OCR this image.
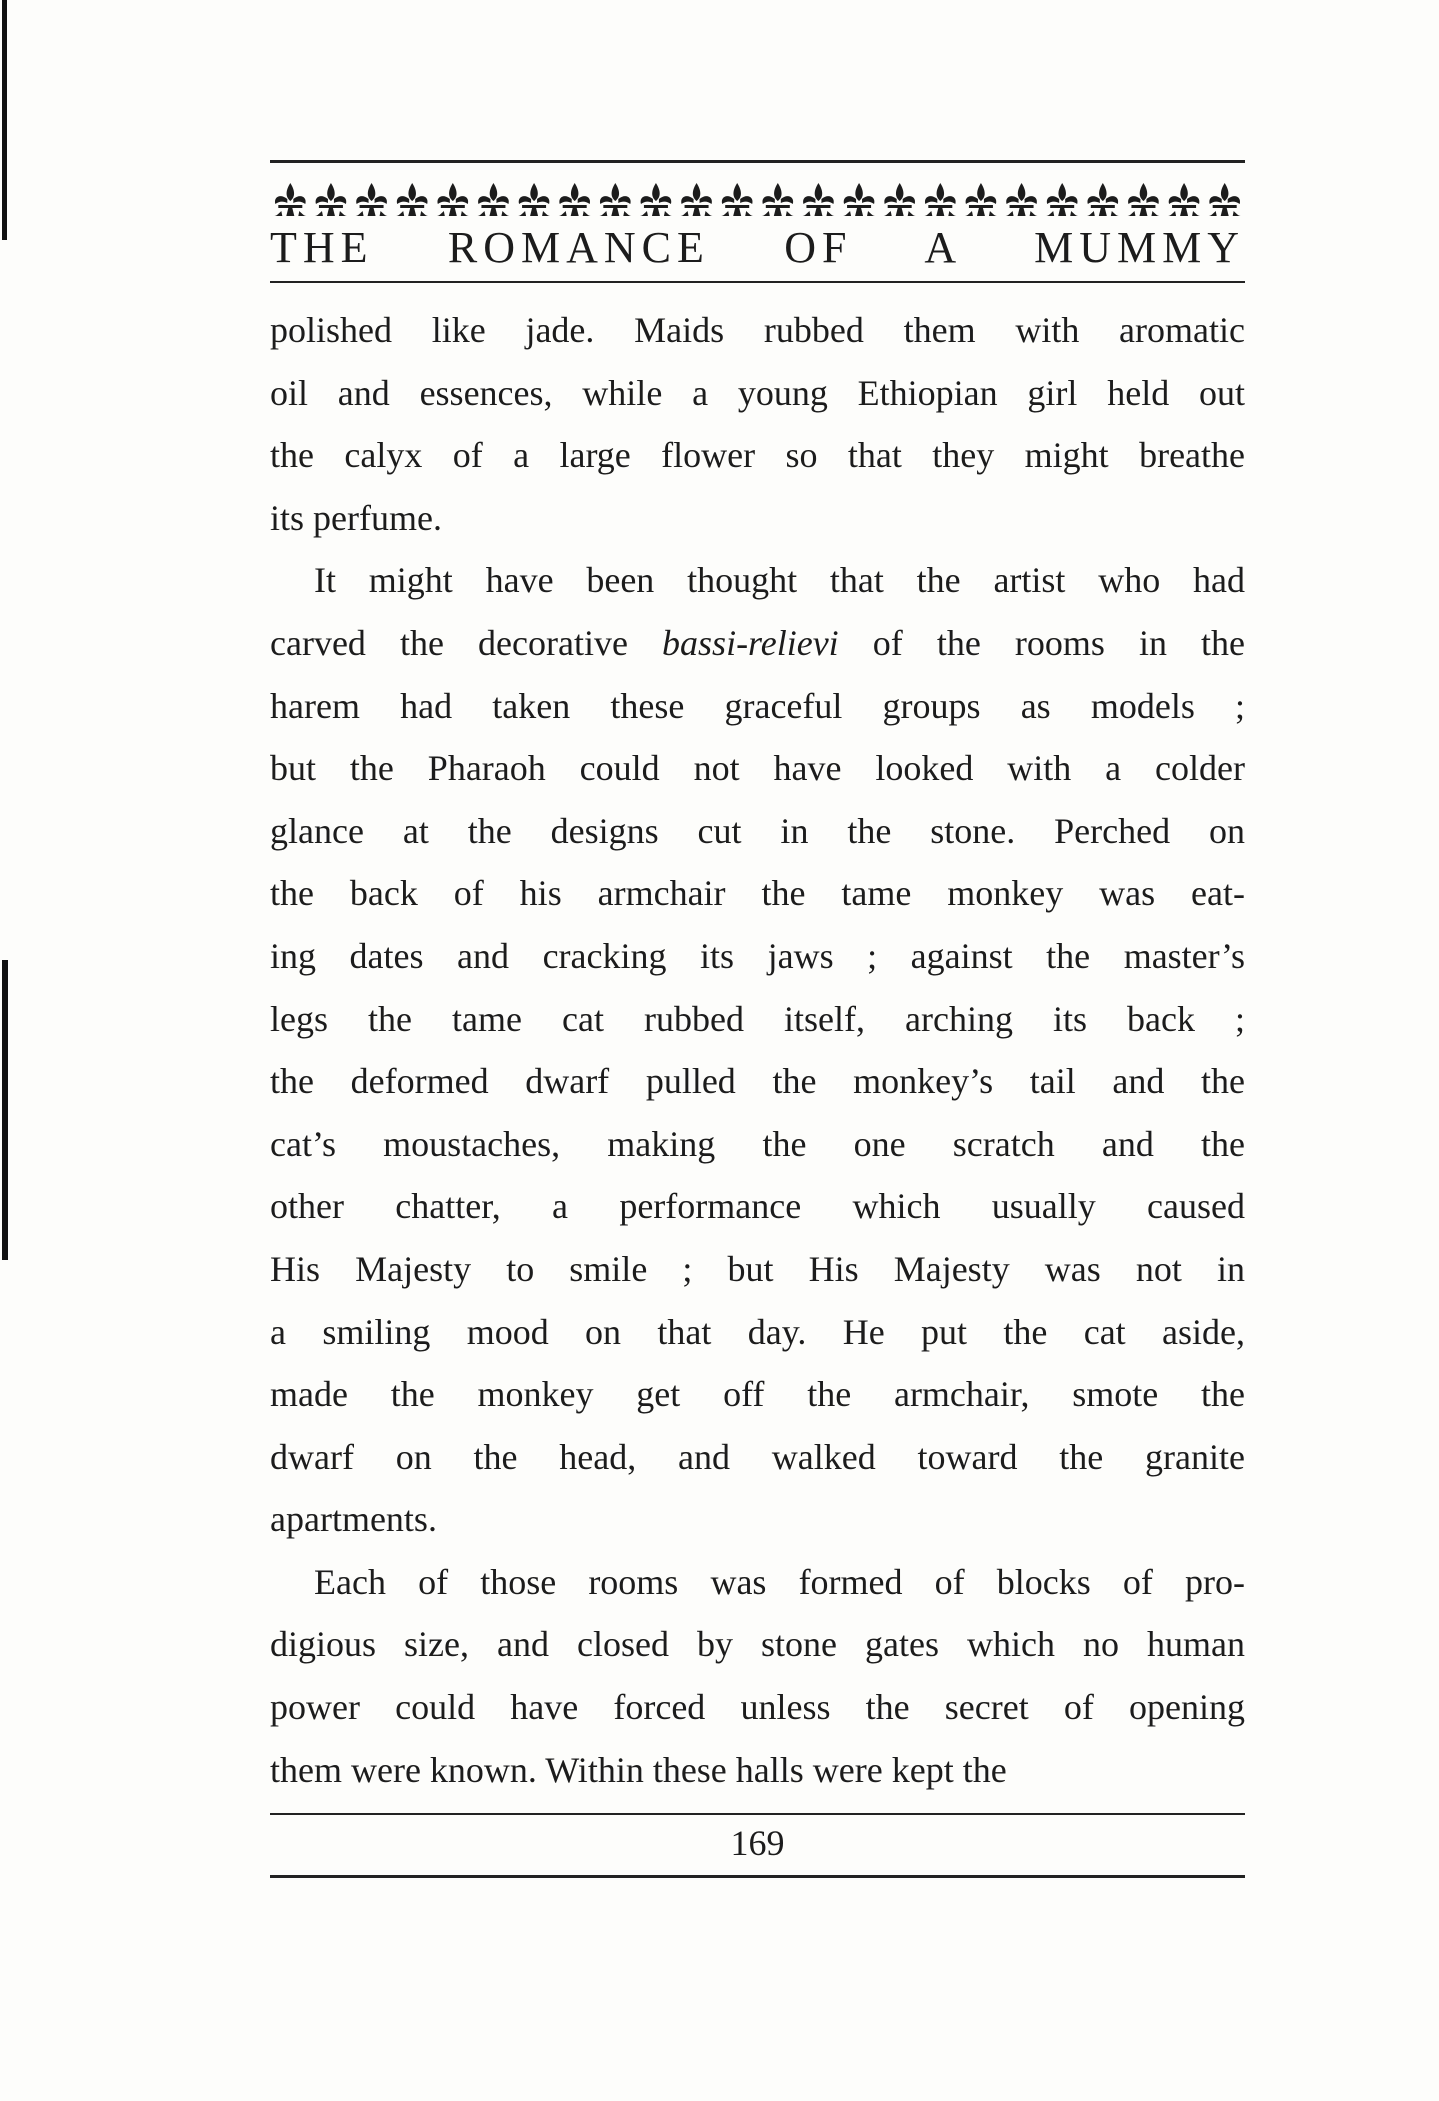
THE ROMANCE OF A MUMMY
polished like jade. Maids rubbed them with aromatic
oil and essences, while a young Ethiopian girl held out
the calyx of a large flower so that they might breathe
its perfume.
It might have been thought that the artist who had
carved the decorative bassi-relievi of the rooms in the
harem had taken these graceful groups as models ;
but the Pharaoh could not have looked with a colder
glance at the designs cut in the stone. Perched on
the back of his armchair the tame monkey was eat-
ing dates and cracking its jaws ; against the master’s
legs the tame cat rubbed itself, arching its back ;
the deformed dwarf pulled the monkey’s tail and the
cat’s moustaches, making the one scratch and the
other chatter, a performance which usually caused
His Majesty to smile ; but His Majesty was not in
a smiling mood on that day. He put the cat aside,
made the monkey get off the armchair, smote the
dwarf on the head, and walked toward the granite
apartments.
Each of those rooms was formed of blocks of pro-
digious size, and closed by stone gates which no human
power could have forced unless the secret of opening
them were known. Within these halls were kept the
169
